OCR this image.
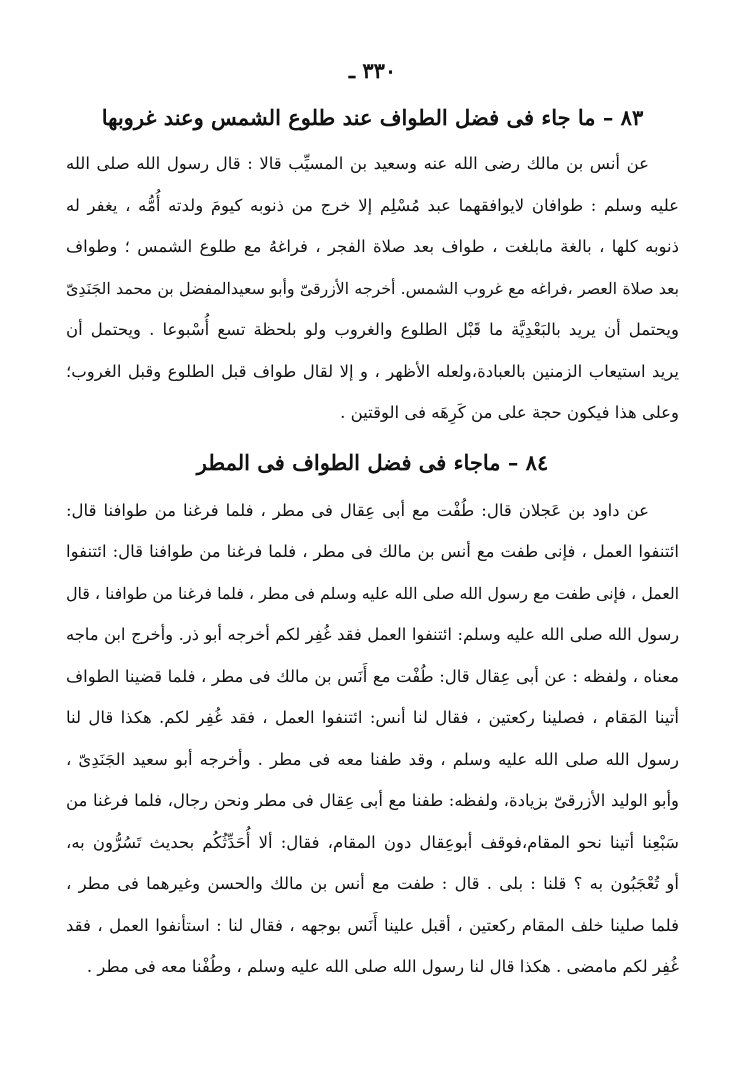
٣٣٠ ـ
٨٣ – ما جاء فى فضل الطواف عند طلوع الشمس وعند غروبها
عن أنس بن مالك رضى الله عنه وسعيد بن المسيِّب قالا : قال رسول الله صلى الله
عليه وسلم : طوافان لايوافقهما عبد مُسْلِم إلا خرج من ذنوبه كيومَ ولدته أُمُّه ، يغفر له
ذنوبه كلها ، بالغة مابلغت ، طواف بعد صلاة الفجر ، فراغهُ مع طلوع الشمس ؛ وطواف
بعد صلاة العصر ،فراغه مع غروب الشمس. أخرجه الأزرقىّ وأبو سعيدالمفضل بن محمد الجَنَدِىّ
ويحتمل أن يريد بالبَعْدِيَّة ما قَبْل الطلوع والغروب ولو بلحظة تسع أُسْبوعا . ويحتمل أن
يريد استيعاب الزمنين بالعبادة،ولعله الأظهر ، و إلا لقال طواف قبل الطلوع وقبل الغروب؛
وعلى هذا فيكون حجة على من كَرِهَه فى الوقتين .
٨٤ – ماجاء فى فضل الطواف فى المطر
عن داود بن عَجلان قال: طُفْت مع أبى عِقال فى مطر ، فلما فرغنا من طوافنا قال:
ائتنفوا العمل ، فإنى طفت مع أنس بن مالك فى مطر ، فلما فرغنا من طوافنا قال: ائتنفوا
العمل ، فإنى طفت مع رسول الله صلى الله عليه وسلم فى مطر ، فلما فرغنا من طوافنا ، قال
رسول الله صلى الله عليه وسلم: ائتنفوا العمل فقد غُفِر لكم أخرجه أبو ذر. وأخرج ابن ماجه
معناه ، ولفظه : عن أبى عِقال قال: طُفْت مع أَنَس بن مالك فى مطر ، فلما قضينا الطواف
أتينا المَقام ، فصلينا ركعتين ، فقال لنا أنس: ائتنفوا العمل ، فقد غُفِر لكم. هكذا قال لنا
رسول الله صلى الله عليه وسلم ، وقد طفنا معه فى مطر . وأخرجه أبو سعيد الجَنَدِىّ ،
وأبو الوليد الأزرقىّ بزيادة، ولفظه: طفنا مع أبى عِقال فى مطر ونحن رجال، فلما فرغنا من
سَبْعِنا أتينا نحو المقام،فوقف أبوعِقال دون المقام، فقال: ألا أُحَدِّثُكُم بحديث تَسُرُّون به،
أو تُعْجَبُون به ؟ قلنا : بلى . قال : طفت مع أنس بن مالك والحسن وغيرهما فى مطر ،
فلما صلينا خلف المقام ركعتين ، أقبل علينا أَنَس بوجهه ، فقال لنا : استأنفوا العمل ، فقد
غُفِر لكم مامضى . هكذا قال لنا رسول الله صلى الله عليه وسلم ، وطُفْنا معه فى مطر .
